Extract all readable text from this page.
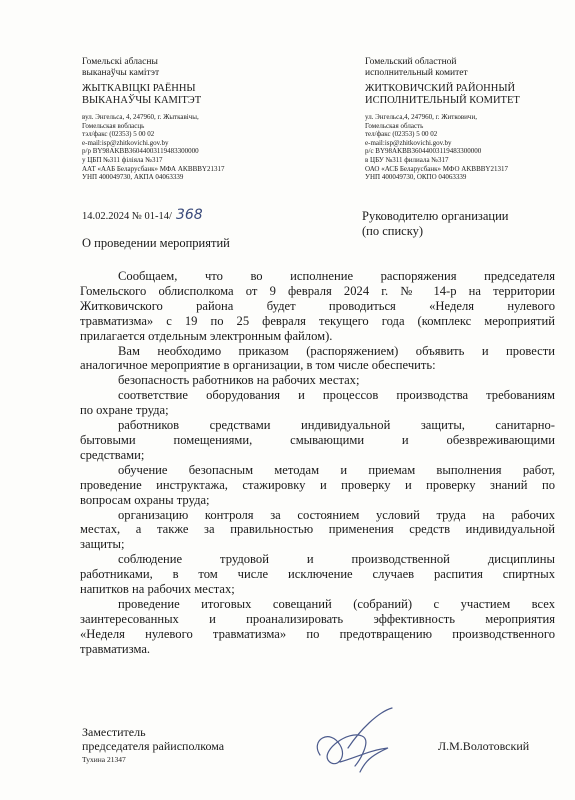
Гомельскі абласны
выканаўчы камітэт
ЖЫТКАВІЦКІ РАЁННЫ
ВЫКАНАЎЧЫ КАМІТЭТ
вул. Энгельса, 4, 247960, г. Жыткавічы,
Гомельская вобласць
тэл/факс (02353) 5 00 02
e-mail:isp@zhitkovichi.gov.by
р/р BY98AKBB36044003119483300000
у ЦБП №311 філіяла №317
ААТ «ААБ Беларусбанк» МФА AKBBBY21317
УНП 400049730, АКПА 04063339
Гомельский областной
исполнительный комитет
ЖИТКОВИЧСКИЙ РАЙОННЫЙ
ИСПОЛНИТЕЛЬНЫЙ КОМИТЕТ
ул. Энгельса,4, 247960, г. Житковичи,
Гомельская область
тел/факс (02353) 5 00 02
e-mail:isp@zhitkovichi.gov.by
р/с BY98AKBB36044003119483300000
в ЦБУ №311 филиала №317
ОАО «АСБ Беларусбанк» МФО AKBBBY21317
УНП 400049730, ОКПО 04063339
14.02.2024 № 01-14/ 368	Руководителю организации
(по списку)
О проведении мероприятий
Сообщаем, что во исполнение распоряжения председателя
Гомельского облисполкома от 9 февраля 2024 г. № 14-р на территории
Житковичского района будет проводиться «Неделя нулевого
травматизма» с 19 по 25 февраля текущего года (комплекс мероприятий
прилагается отдельным электронным файлом).
Вам необходимо приказом (распоряжением) объявить и провести
аналогичное мероприятие в организации, в том числе обеспечить:
безопасность работников на рабочих местах;
соответствие оборудования и процессов производства требованиям
по охране труда;
работников средствами индивидуальной защиты, санитарно-
бытовыми помещениями, смывающими и обезвреживающими
средствами;
обучение безопасным методам и приемам выполнения работ,
проведение инструктажа, стажировку и проверку и проверку знаний по
вопросам охраны труда;
организацию контроля за состоянием условий труда на рабочих
местах, а также за правильностью применения средств индивидуальной
защиты;
соблюдение трудовой и производственной дисциплины
работниками, в том числе исключение случаев распития спиртных
напитков на рабочих местах;
проведение итоговых совещаний (собраний) с участием всех
заинтересованных и проанализировать эффективность мероприятия
«Неделя нулевого травматизма» по предотвращению производственного
травматизма.
Заместитель
председателя райисполкома
Тухина 21347
Л.М.Волотовский
